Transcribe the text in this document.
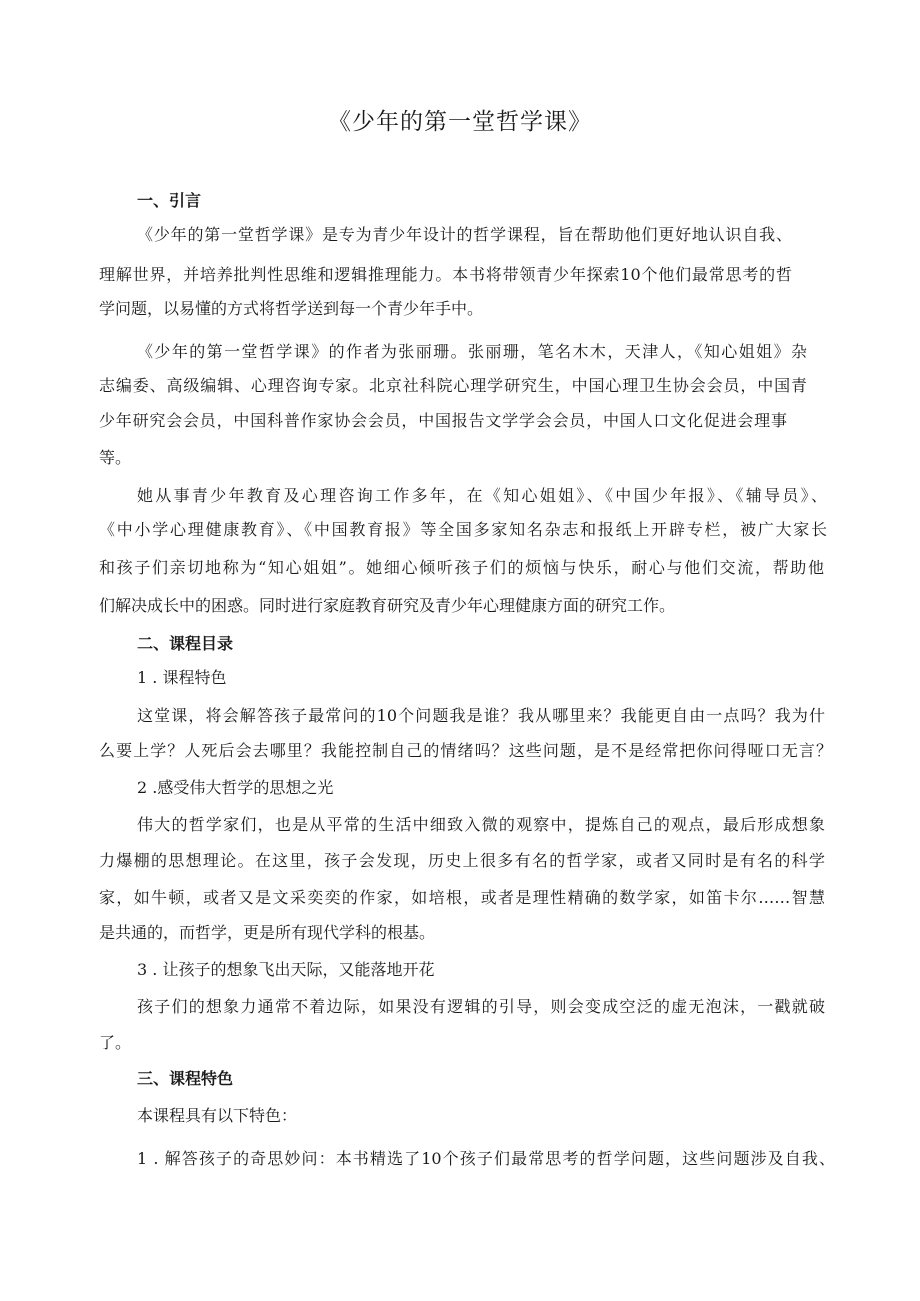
《少年的第一堂哲学课》
一、引言
《少年的第一堂哲学课》是专为青少年设计的哲学课程，旨在帮助他们更好地认识自我、
理解世界，并培养批判性思维和逻辑推理能力。本书将带领青少年探索10个他们最常思考的哲
学问题，以易懂的方式将哲学送到每一个青少年手中。
《少年的第一堂哲学课》的作者为张丽珊。张丽珊，笔名木木，天津人，《知心姐姐》杂
志编委、高级编辑、心理咨询专家。北京社科院心理学研究生，中国心理卫生协会会员，中国青
少年研究会会员，中国科普作家协会会员，中国报告文学学会会员，中国人口文化促进会理事
等。
她从事青少年教育及心理咨询工作多年，在《知心姐姐》、《中国少年报》、《辅导员》、
《中小学心理健康教育》、《中国教育报》等全国多家知名杂志和报纸上开辟专栏，被广大家长
和孩子们亲切地称为“知心姐姐”。她细心倾听孩子们的烦恼与快乐，耐心与他们交流，帮助他
们解决成长中的困惑。同时进行家庭教育研究及青少年心理健康方面的研究工作。
二、课程目录
1 . 课程特色
这堂课，将会解答孩子最常问的10个问题我是谁？我从哪里来？我能更自由一点吗？我为什
么要上学？人死后会去哪里？我能控制自己的情绪吗？这些问题，是不是经常把你问得哑口无言？
2 .感受伟大哲学的思想之光
伟大的哲学家们，也是从平常的生活中细致入微的观察中，提炼自己的观点，最后形成想象
力爆棚的思想理论。在这里，孩子会发现，历史上很多有名的哲学家，或者又同时是有名的科学
家，如牛顿，或者又是文采奕奕的作家，如培根，或者是理性精确的数学家，如笛卡尔……智慧
是共通的，而哲学，更是所有现代学科的根基。
3 . 让孩子的想象飞出天际，又能落地开花
孩子们的想象力通常不着边际，如果没有逻辑的引导，则会变成空泛的虚无泡沫，一戳就破
了。
三、课程特色
本课程具有以下特色：
1 . 解答孩子的奇思妙问：本书精选了10个孩子们最常思考的哲学问题，这些问题涉及自我、
